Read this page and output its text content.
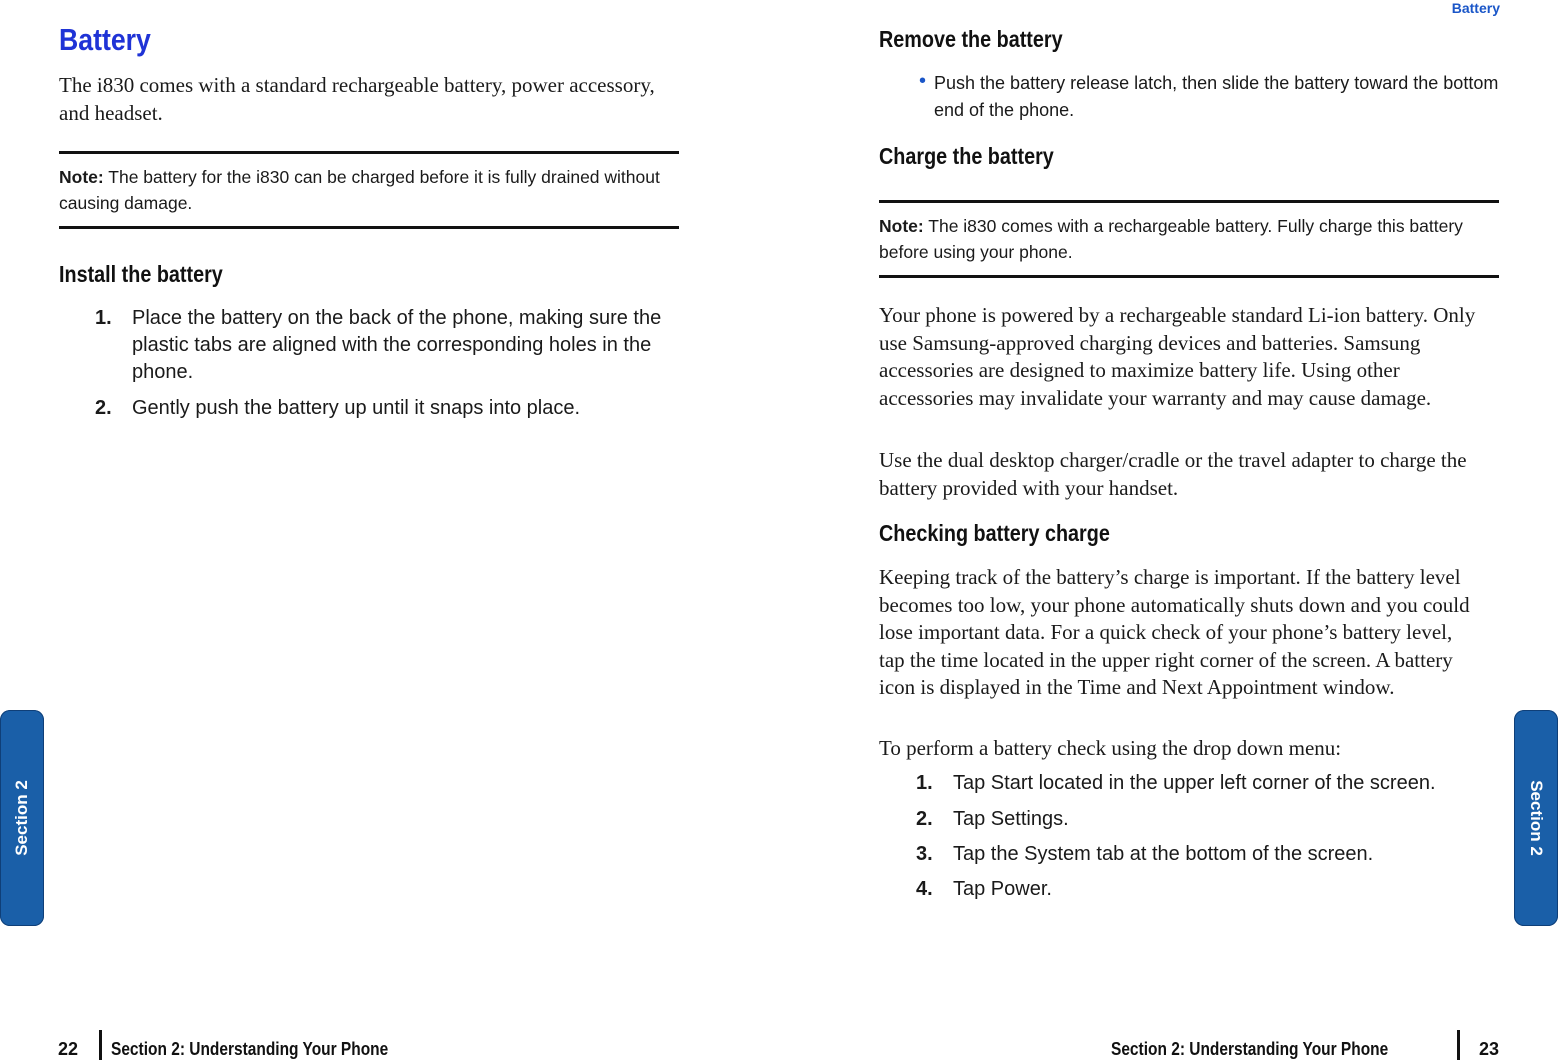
Battery
Battery
The i830 comes with a standard rechargeable battery, power accessory, and headset.
Note: The battery for the i830 can be charged before it is fully drained without causing damage.
Install the battery
1. Place the battery on the back of the phone, making sure the plastic tabs are aligned with the corresponding holes in the phone.
2. Gently push the battery up until it snaps into place.
Remove the battery
• Push the battery release latch, then slide the battery toward the bottom end of the phone.
Charge the battery
Note: The i830 comes with a rechargeable battery. Fully charge this battery before using your phone.
Your phone is powered by a rechargeable standard Li-ion battery. Only use Samsung-approved charging devices and batteries. Samsung accessories are designed to maximize battery life. Using other accessories may invalidate your warranty and may cause damage.
Use the dual desktop charger/cradle or the travel adapter to charge the battery provided with your handset.
Checking battery charge
Keeping track of the battery’s charge is important. If the battery level becomes too low, your phone automatically shuts down and you could lose important data. For a quick check of your phone’s battery level, tap the time located in the upper right corner of the screen. A battery icon is displayed in the Time and Next Appointment window.
To perform a battery check using the drop down menu:
1. Tap Start located in the upper left corner of the screen.
2. Tap Settings.
3. Tap the System tab at the bottom of the screen.
4. Tap Power.
Section 2	Section 2
22 Section 2: Understanding Your Phone	Section 2: Understanding Your Phone	23
